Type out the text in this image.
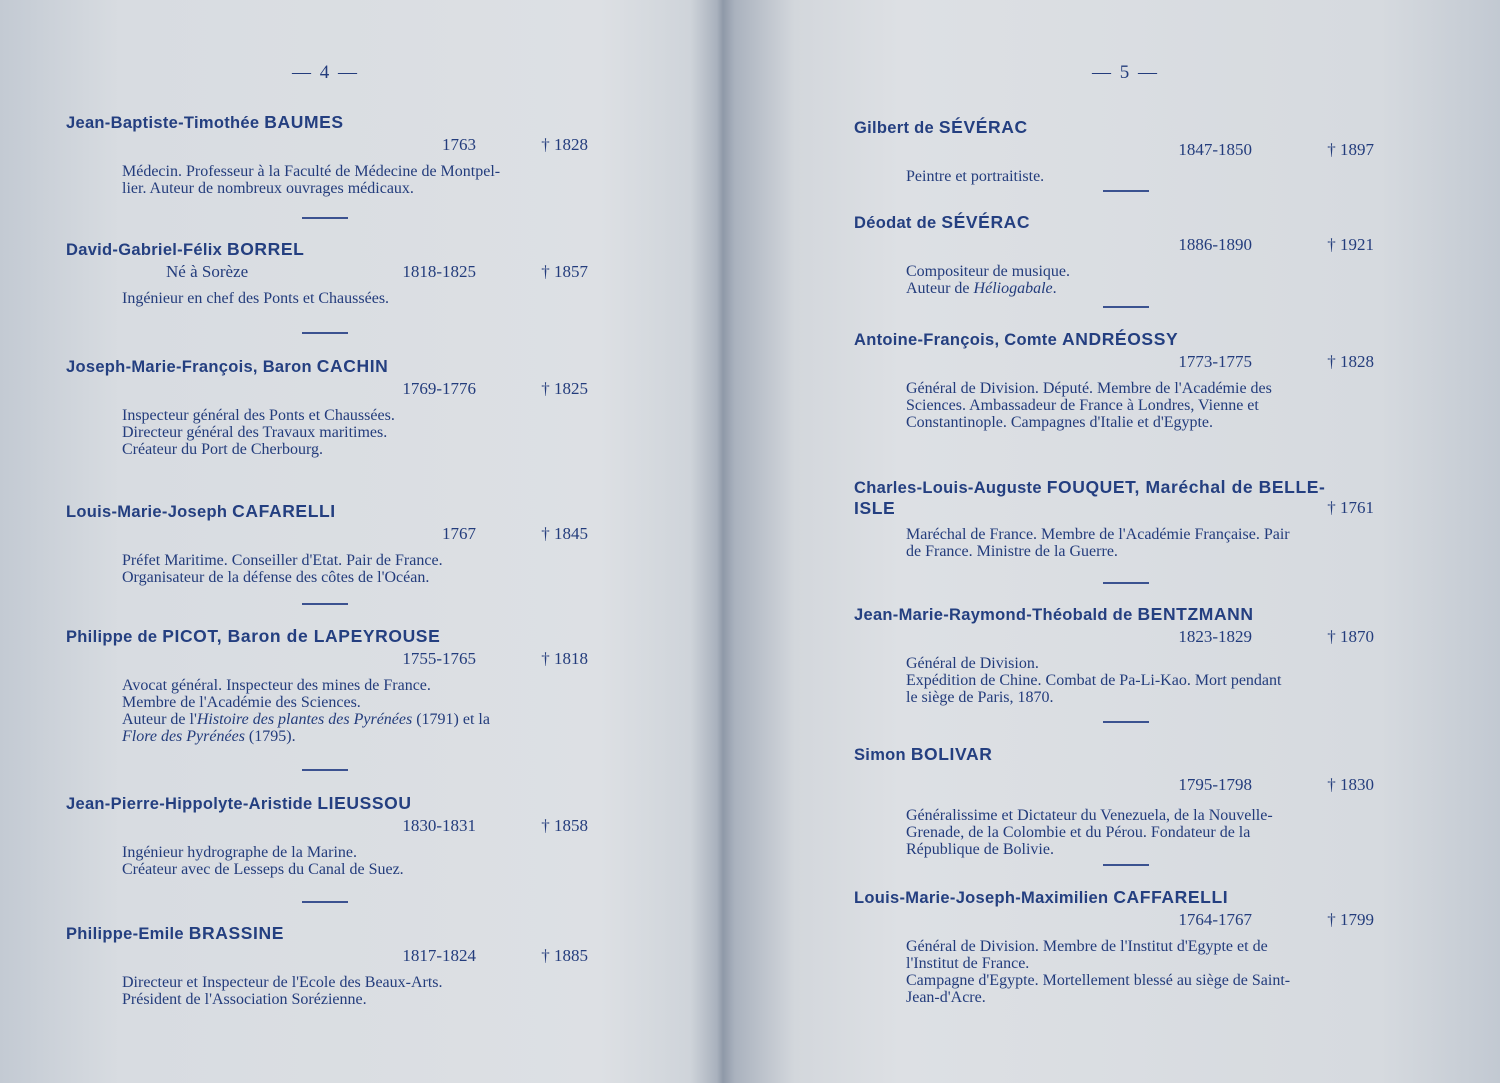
— 4 —
Jean-Baptiste-Timothée BAUMES
1763	† 1828
Médecin. Professeur à la Faculté de Médecine de Montpel-
lier. Auteur de nombreux ouvrages médicaux.
David-Gabriel-Félix BORREL
Né à Sorèze	1818-1825	† 1857
Ingénieur en chef des Ponts et Chaussées.
Joseph-Marie-François, Baron CACHIN
1769-1776	† 1825
Inspecteur général des Ponts et Chaussées.
Directeur général des Travaux maritimes.
Créateur du Port de Cherbourg.
Louis-Marie-Joseph CAFARELLI
1767	† 1845
Préfet Maritime. Conseiller d'Etat. Pair de France.
Organisateur de la défense des côtes de l'Océan.
Philippe de PICOT, Baron de LAPEYROUSE
1755-1765	† 1818
Avocat général. Inspecteur des mines de France.
Membre de l'Académie des Sciences.
Auteur de l'Histoire des plantes des Pyrénées (1791) et la
Flore des Pyrénées (1795).
Jean-Pierre-Hippolyte-Aristide LIEUSSOU
1830-1831	† 1858
Ingénieur hydrographe de la Marine.
Créateur avec de Lesseps du Canal de Suez.
Philippe-Emile BRASSINE
1817-1824	† 1885
Directeur et Inspecteur de l'Ecole des Beaux-Arts.
Président de l'Association Sorézienne.
— 5 —
Gilbert de SÉVÉRAC
1847-1850	† 1897
Peintre et portraitiste.
Déodat de SÉVÉRAC
1886-1890	† 1921
Compositeur de musique.
Auteur de Héliogabale.
Antoine-François, Comte ANDRÉOSSY
1773-1775	† 1828
Général de Division. Député. Membre de l'Académie des
Sciences. Ambassadeur de France à Londres, Vienne et
Constantinople. Campagnes d'Italie et d'Egypte.
Charles-Louis-Auguste FOUQUET, Maréchal de BELLE-
ISLE	† 1761
Maréchal de France. Membre de l'Académie Française. Pair
de France. Ministre de la Guerre.
Jean-Marie-Raymond-Théobald de BENTZMANN
1823-1829	† 1870
Général de Division.
Expédition de Chine. Combat de Pa-Li-Kao. Mort pendant
le siège de Paris, 1870.
Simon BOLIVAR
1795-1798	† 1830
Généralissime et Dictateur du Venezuela, de la Nouvelle-
Grenade, de la Colombie et du Pérou. Fondateur de la
République de Bolivie.
Louis-Marie-Joseph-Maximilien CAFFARELLI
1764-1767	† 1799
Général de Division. Membre de l'Institut d'Egypte et de
l'Institut de France.
Campagne d'Egypte. Mortellement blessé au siège de Saint-
Jean-d'Acre.
